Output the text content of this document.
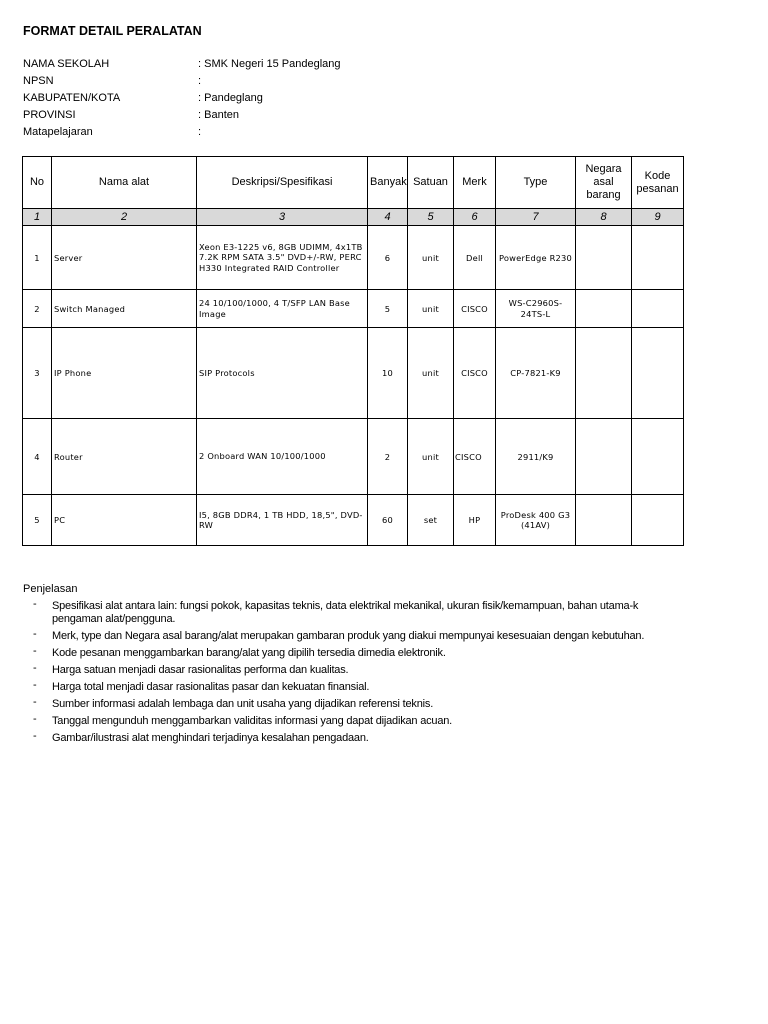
FORMAT DETAIL PERALATAN
NAMA SEKOLAH	: SMK Negeri 15 Pandeglang
NPSN
:
KABUPATEN/KOTA	: Pandeglang
PROVINSI	: Banten
Matapelajaran
:
No	Nama alat	Deskripsi/Spesifikasi	Banyak	Satuan	Merk	Type	Negara asal barang	Kode pesanan
1	2	3	4	5	6	7	8	9
1	Server	Xeon E3-1225 v6, 8GB UDIMM, 4x1TB 7.2K RPM SATA 3.5" DVD+/-RW, PERC H330 Integrated RAID Controller	6	unit	Dell	PowerEdge R230		
2	Switch Managed	24 10/100/1000, 4 T/SFP LAN Base Image	5	unit	CISCO	WS-C2960S-24TS-L		
3	IP Phone	SIP Protocols	10	unit	CISCO	CP-7821-K9		
4	Router	2 Onboard WAN 10/100/1000	2	unit	CISCO	2911/K9		
5	PC	I5, 8GB DDR4, 1 TB HDD, 18,5", DVD-RW	60	set	HP	ProDesk 400 G3 (41AV)		
Penjelasan
- Spesifikasi alat antara lain: fungsi pokok, kapasitas teknis, data elektrikal mekanikal, ukuran fisik/kemampuan, bahan utama-k
pengaman alat/pengguna.
- Merk, type dan Negara asal barang/alat merupakan gambaran produk yang diakui mempunyai kesesuaian dengan kebutuhan.
- Kode pesanan menggambarkan barang/alat yang dipilih tersedia dimedia elektronik.
- Harga satuan menjadi dasar rasionalitas performa dan kualitas.
- Harga total menjadi dasar rasionalitas pasar dan kekuatan finansial.
- Sumber informasi adalah lembaga dan unit usaha yang dijadikan referensi teknis.
- Tanggal mengunduh menggambarkan validitas informasi yang dapat dijadikan acuan.
- Gambar/ilustrasi alat menghindari terjadinya kesalahan pengadaan.
